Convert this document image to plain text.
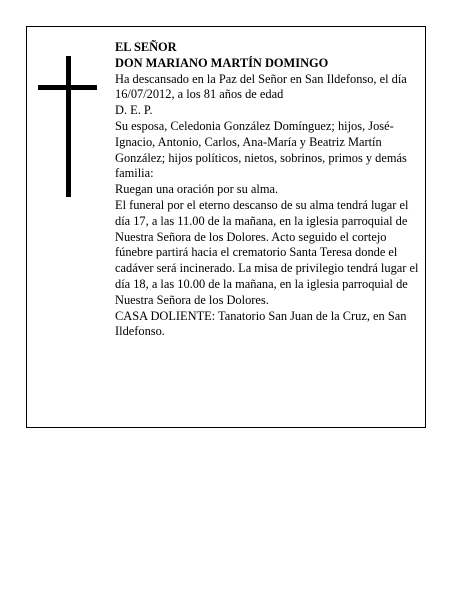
EL SEÑOR

DON MARIANO MARTÍN DOMINGO

Ha descansado en la Paz del Señor en San Ildefonso, el día 16/07/2012, a los 81 años de edad

D. E. P.

Su esposa, Celedonia González Domínguez; hijos, José-Ignacio, Antonio, Carlos, Ana-María y Beatriz Martín González; hijos políticos, nietos, sobrinos, primos y demás familia:

Ruegan una oración por su alma.

El funeral por el eterno descanso de su alma tendrá lugar el día 17, a las 11.00 de la mañana, en la iglesia parroquial de Nuestra Señora de los Dolores. Acto seguido el cortejo fúnebre partirá hacia el crematorio Santa Teresa donde el cadáver será incinerado. La misa de privilegio tendrá lugar el día 18, a las 10.00 de la mañana, en la iglesia parroquial de Nuestra Señora de los Dolores.

CASA DOLIENTE: Tanatorio San Juan de la Cruz, en San Ildefonso.
